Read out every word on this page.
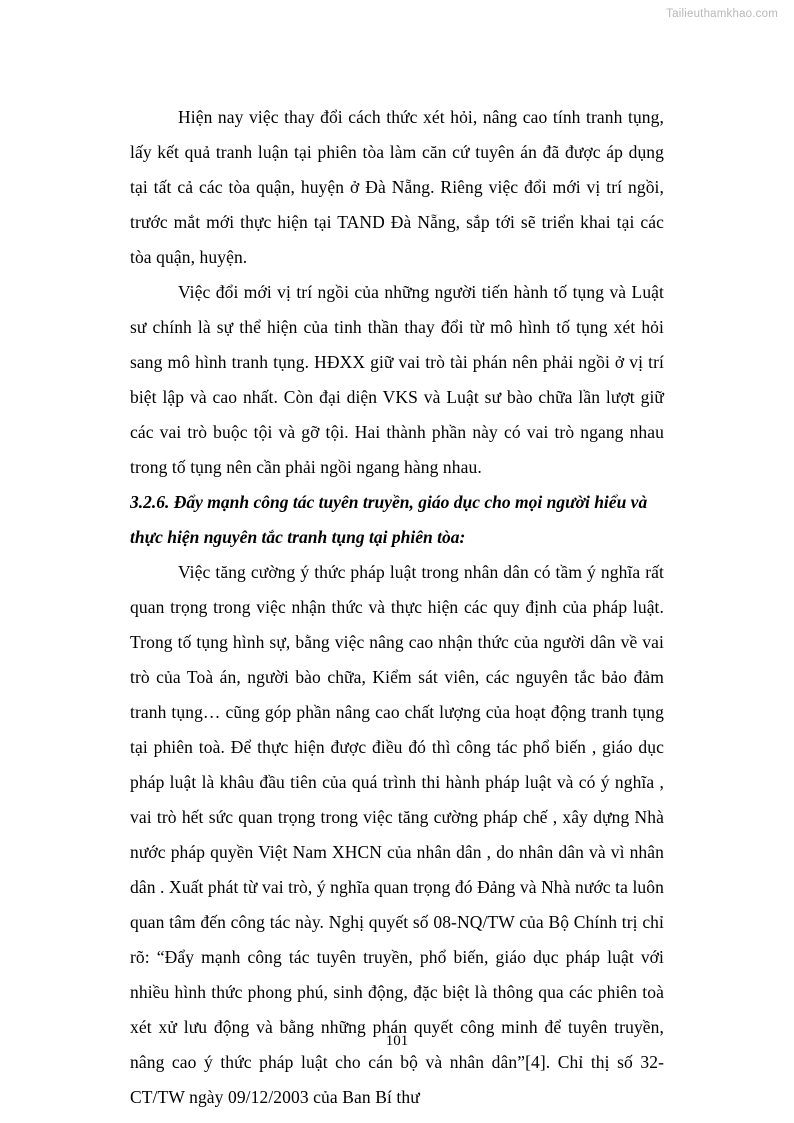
Tailieuthamkhao.com

Hiện nay việc thay đổi cách thức xét hỏi, nâng cao tính tranh tụng, lấy kết quả tranh luận tại phiên tòa làm căn cứ tuyên án đã được áp dụng tại tất cả các tòa quận, huyện ở Đà Nẵng. Riêng việc đổi mới vị trí ngồi, trước mắt mới thực hiện tại TAND Đà Nẵng, sắp tới sẽ triển khai tại các tòa quận, huyện.

Việc đổi mới vị trí ngồi của những người tiến hành tố tụng và Luật sư chính là sự thể hiện của tinh thần thay đổi từ mô hình tố tụng xét hỏi sang mô hình tranh tụng. HĐXX giữ vai trò tài phán nên phải ngồi ở vị trí biệt lập và cao nhất. Còn đại diện VKS và Luật sư bào chữa lần lượt giữ các vai trò buộc tội và gỡ tội. Hai thành phần này có vai trò ngang nhau trong tố tụng nên cần phải ngồi ngang hàng nhau.

3.2.6. Đẩy mạnh công tác tuyên truyền, giáo dục cho mọi người hiểu và thực hiện nguyên tắc tranh tụng tại phiên tòa:

Việc tăng cường ý thức pháp luật trong nhân dân có tầm ý nghĩa rất quan trọng trong việc nhận thức và thực hiện các quy định của pháp luật. Trong tố tụng hình sự, bằng việc nâng cao nhận thức của người dân về vai trò của Toà án, người bào chữa, Kiểm sát viên, các nguyên tắc bảo đảm tranh tụng… cũng góp phần nâng cao chất lượng của hoạt động tranh tụng tại phiên toà. Để thực hiện được điều đó thì công tác phổ biến , giáo dục pháp luật là khâu đầu tiên của quá trình thi hành pháp luật và có ý nghĩa , vai trò hết sức quan trọng trong việc tăng cường pháp chế , xây dựng Nhà nước pháp quyền Việt Nam XHCN của nhân dân , do nhân dân và vì nhân dân . Xuất phát từ vai trò, ý nghĩa quan trọng đó Đảng và Nhà nước ta luôn quan tâm đến công tác này. Nghị quyết số 08-NQ/TW của Bộ Chính trị chỉ rõ: “Đẩy mạnh công tác tuyên truyền, phổ biến, giáo dục pháp luật với nhiều hình thức phong phú, sinh động, đặc biệt là thông qua các phiên toà xét xử lưu động và bằng những phán quyết công minh để tuyên truyền, nâng cao ý thức pháp luật cho cán bộ và nhân dân”[4]. Chỉ thị số 32-CT/TW ngày 09/12/2003 của Ban Bí thư

101
